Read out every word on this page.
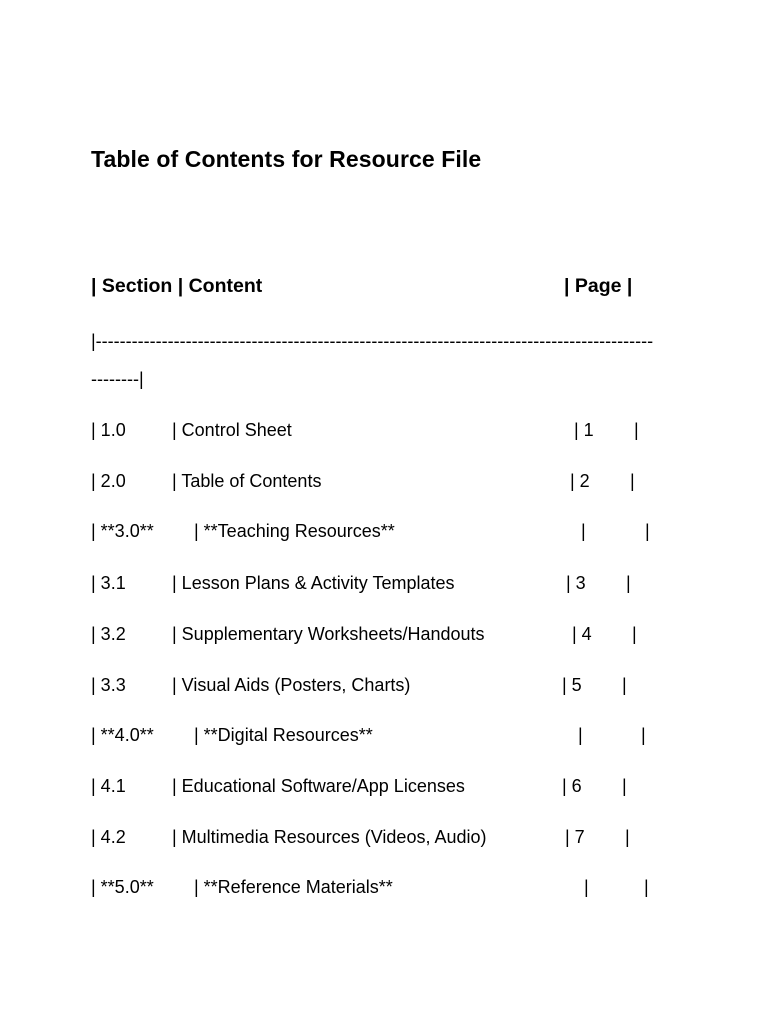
Table of Contents for Resource File
| Section | Content	| Page |
|---------------------------------------------------------------------------------------------
--------|
| 1.0	| Control Sheet	| 1 |
| 2.0	| Table of Contents	| 2 |
| **3.0** | **Teaching Resources**	|	|
| 3.1	| Lesson Plans & Activity Templates	| 3 |
| 3.2	| Supplementary Worksheets/Handouts	| 4 |
| 3.3	| Visual Aids (Posters, Charts)	| 5 |
| **4.0** | **Digital Resources**	|	|
| 4.1	| Educational Software/App Licenses	| 6 |
| 4.2	| Multimedia Resources (Videos, Audio)	| 7 |
| **5.0** | **Reference Materials**	|	|
